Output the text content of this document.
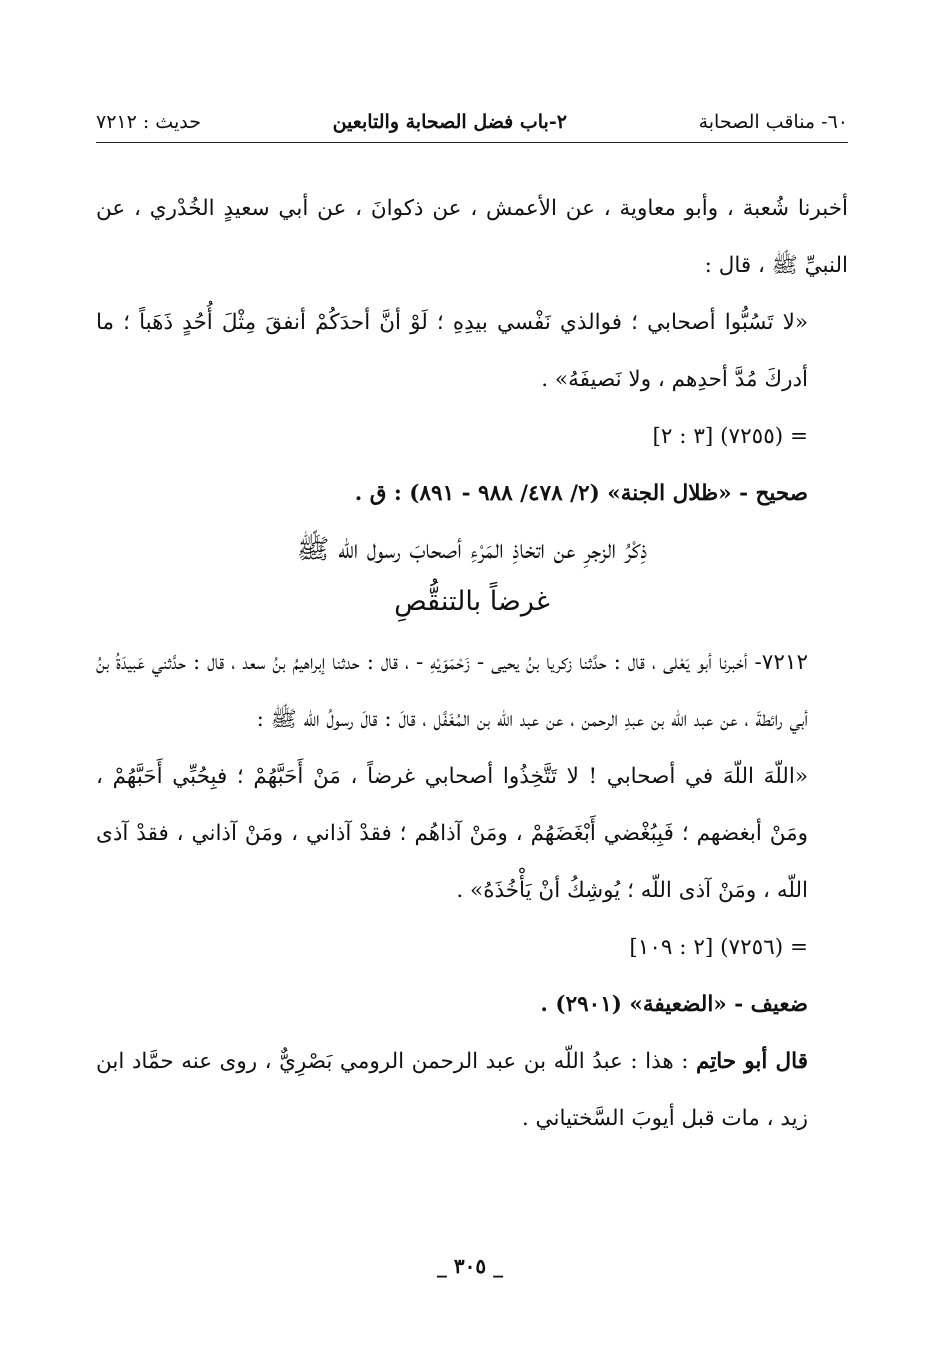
٦٠- مناقب الصحابة
٢-باب فضل الصحابة والتابعين
حديث : ٧٢١٢

أخبرنا شُعبة ، وأبو معاوية ، عن الأعمش ، عن ذكوانَ ، عن أبي سعيدٍ الخُدْري ، عن النبيِّ ﷺ ، قال :

«لا تَسُبُّوا أصحابي ؛ فوالذي نَفْسي بيدِهِ ؛ لَوْ أنَّ أحدَكُمْ أنفقَ مِثْلَ أُحُدٍ ذَهَباً ؛ ما أدركَ مُدَّ أحدِهم ، ولا نَصيفَهُ» .

= (٧٢٥٥) [٣ : ٢]

صحيح - «ظلال الجنة» (٢/ ٤٧٨/ ٩٨٨ - ٨٩١) : ق .

ذِكْرُ الزجرِ عن اتخاذِ المَرْءِ أصحابَ رسول اللّه ﷺ
غرضاً بالتنقُّصِ

٧٢١٢- أخبرنا أبو يَعْلى ، قال : حدَّثنا زكريا بنُ يحيى - زَحْمَوَيْهِ - ، قال : حدثنا إبراهيمُ بنُ سعد ، قال : حدَّثني عَبيدَةُ بنُ أبي رائطةَ ، عن عبد اللّه بن عبدِ الرحمن ، عن عبد اللّه بن المُغَفَّل ، قالَ : قالَ رسولُ اللّه ﷺ :

«اللّهَ اللّهَ في أصحابي ! لا تَتَّخِذُوا أصحابي غرضاً ، مَنْ أَحَبَّهُمْ ؛ فبِحُبِّي أَحَبَّهُمْ ، ومَنْ أبغضهم ؛ فَبِبُغْضي أَبْغَضَهُمْ ، ومَنْ آذاهُم ؛ فقدْ آذاني ، ومَنْ آذاني ، فقدْ آذى اللّه ، ومَنْ آذى اللّه ؛ يُوشِكُ أنْ يَأْخُذَهُ» .

= (٧٢٥٦) [٢ : ١٠٩]

ضعيف - «الضعيفة» (٢٩٠١) .

قال أبو حاتِم : هذا : عبدُ اللّه بن عبد الرحمن الرومي بَصْرِيٌّ ، روى عنه حمَّاد ابن زيد ، مات قبل أيوبَ السَّختياني .

_ ٣٠٥ _
